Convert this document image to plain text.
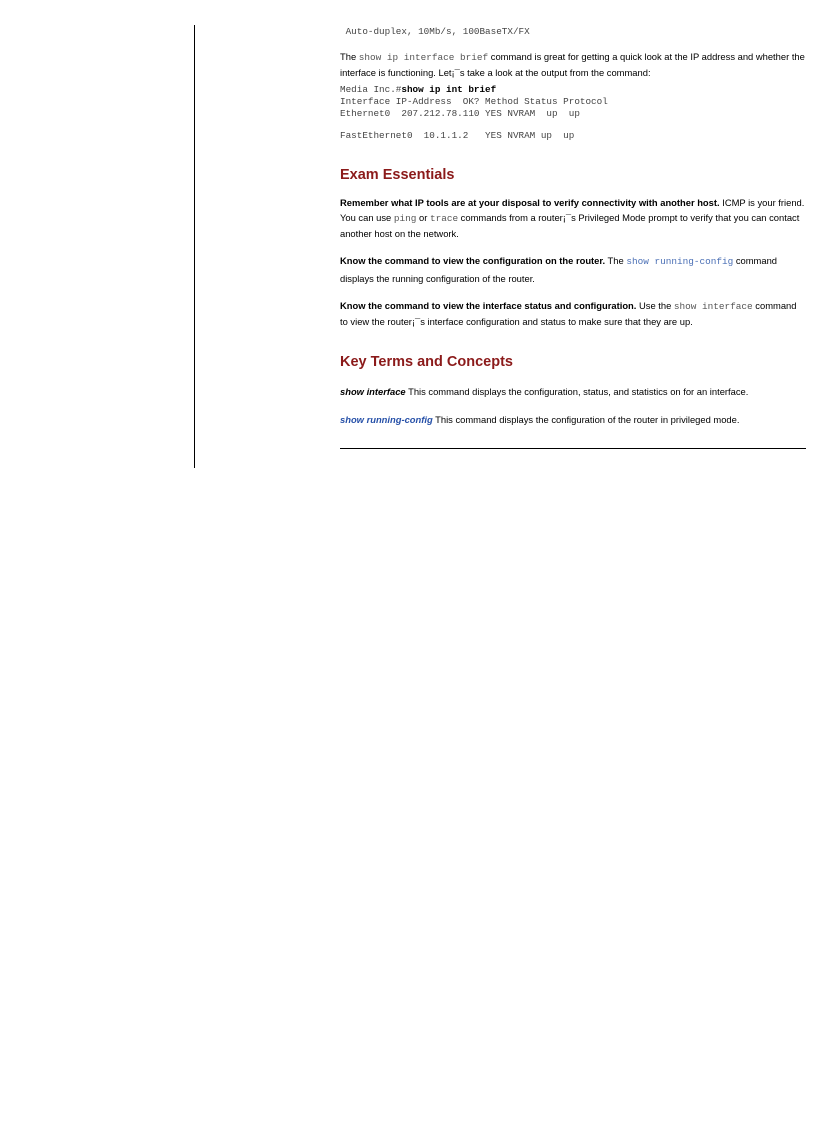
Auto-duplex, 10Mb/s, 100BaseTX/FX

The show ip interface brief command is great for getting a quick look at the IP address and whether the interface is functioning. Let¡¯s take a look at the output from the command:

Media Inc.#show ip int brief

Interface IP-Address  OK? Method Status Protocol

Ethernet0  207.212.78.110 YES NVRAM  up  up

FastEthernet0  10.1.1.2   YES NVRAM up  up

Exam Essentials

Remember what IP tools are at your disposal to verify connectivity with another host. ICMP is your friend. You can use ping or trace commands from a router¡¯s Privileged Mode prompt to verify that you can contact another host on the network.

Know the command to view the configuration on the router. The show running-config command displays the running configuration of the router.

Know the command to view the interface status and configuration. Use the show interface command to view the router¡¯s interface configuration and status to make sure that they are up.

Key Terms and Concepts

show interface This command displays the configuration, status, and statistics on for an interface.

show running-config This command displays the configuration of the router in privileged mode.
